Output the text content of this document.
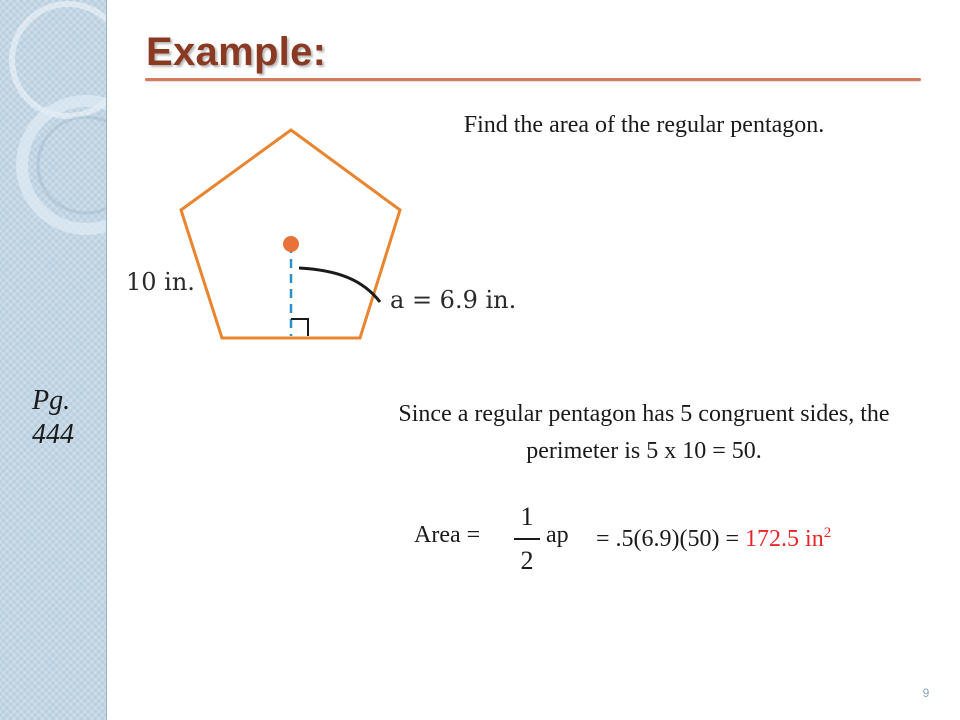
Example:
Find the area of the regular pentagon.
10 in.
a = 6.9 in.
Pg.
444
Since a regular pentagon has 5 congruent sides, the perimeter is 5 x 10 = 50.
Area =
1
2
ap = .5(6.9)(50) = 172.5 $in^2$
9
